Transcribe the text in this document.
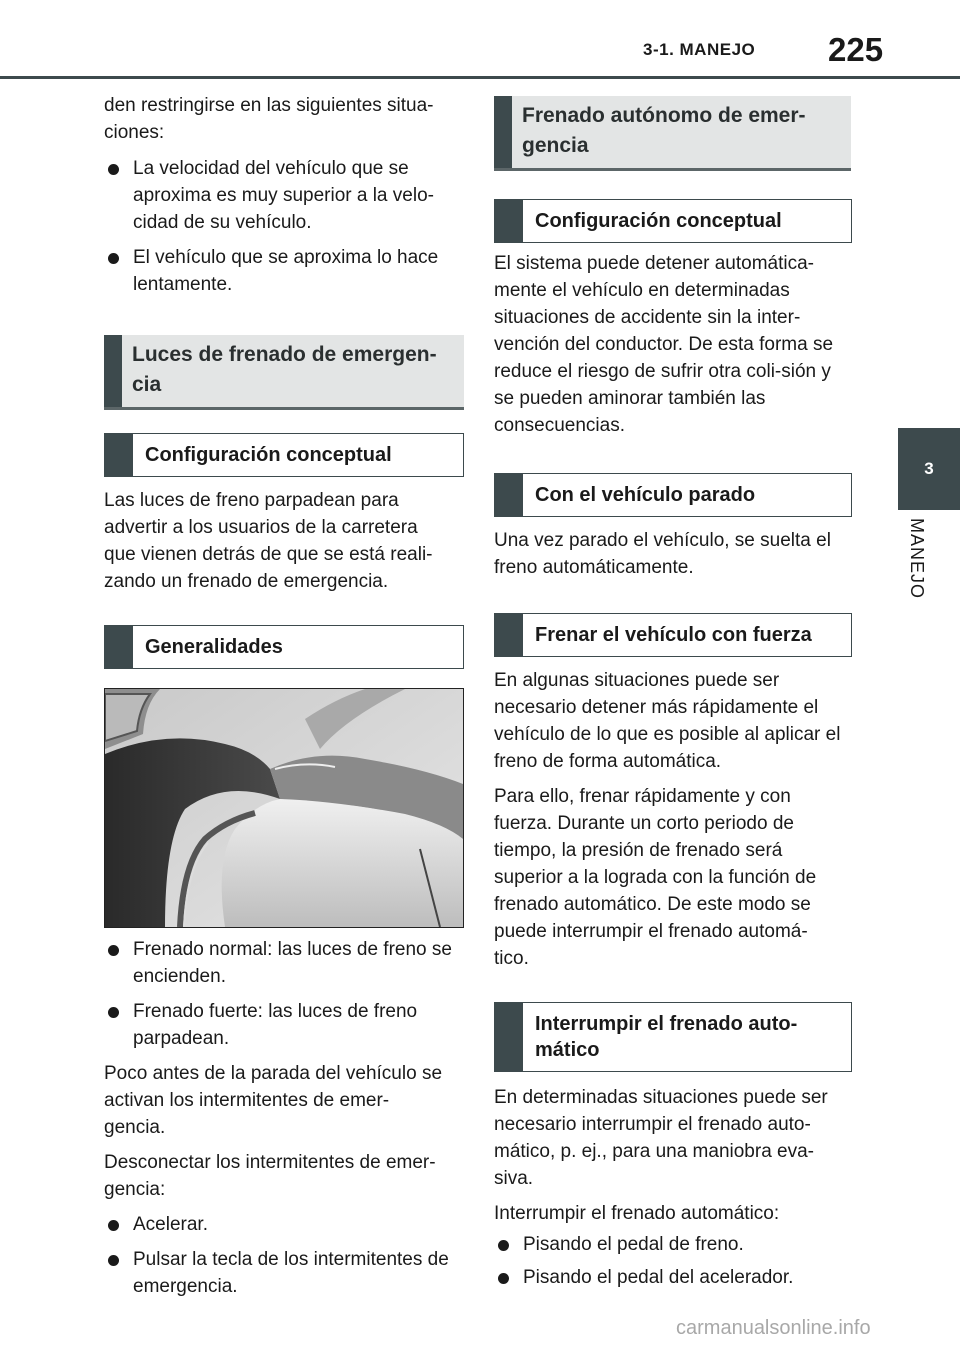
3-1. MANEJO 225
3
MANEJO

den restringirse en las siguientes situa-ciones:

La velocidad del vehículo que se aproxima es muy superior a la velo-cidad de su vehículo.
El vehículo que se aproxima lo hace lentamente.
Luces de frenado de emergen-cia
Configuración conceptual

Las luces de freno parpadean para advertir a los usuarios de la carretera que vienen detrás de que se está reali-zando un frenado de emergencia.

Generalidades
Frenado normal: las luces de freno se encienden.
Frenado fuerte: las luces de freno parpadean.

Poco antes de la parada del vehículo se activan los intermitentes de emer-gencia.

Desconectar los intermitentes de emer-gencia:

Acelerar.
Pulsar la tecla de los intermitentes de emergencia.
Frenado autónomo de emer-gencia
Configuración conceptual

El sistema puede detener automática-mente el vehículo en determinadas situaciones de accidente sin la inter-vención del conductor. De esta forma se reduce el riesgo de sufrir otra coli-sión y se pueden aminorar también las consecuencias.

Con el vehículo parado

Una vez parado el vehículo, se suelta el freno automáticamente.

Frenar el vehículo con fuerza

En algunas situaciones puede ser necesario detener más rápidamente el vehículo de lo que es posible al aplicar el freno de forma automática.

Para ello, frenar rápidamente y con fuerza. Durante un corto periodo de tiempo, la presión de frenado será superior a la lograda con la función de frenado automático. De este modo se puede interrumpir el frenado automá-tico.

Interrumpir el frenado auto-mático

En determinadas situaciones puede ser necesario interrumpir el frenado auto-mático, p. ej., para una maniobra eva-siva.

Interrumpir el frenado automático:

Pisando el pedal de freno.
Pisando el pedal del acelerador.
carmanualsonline.info
